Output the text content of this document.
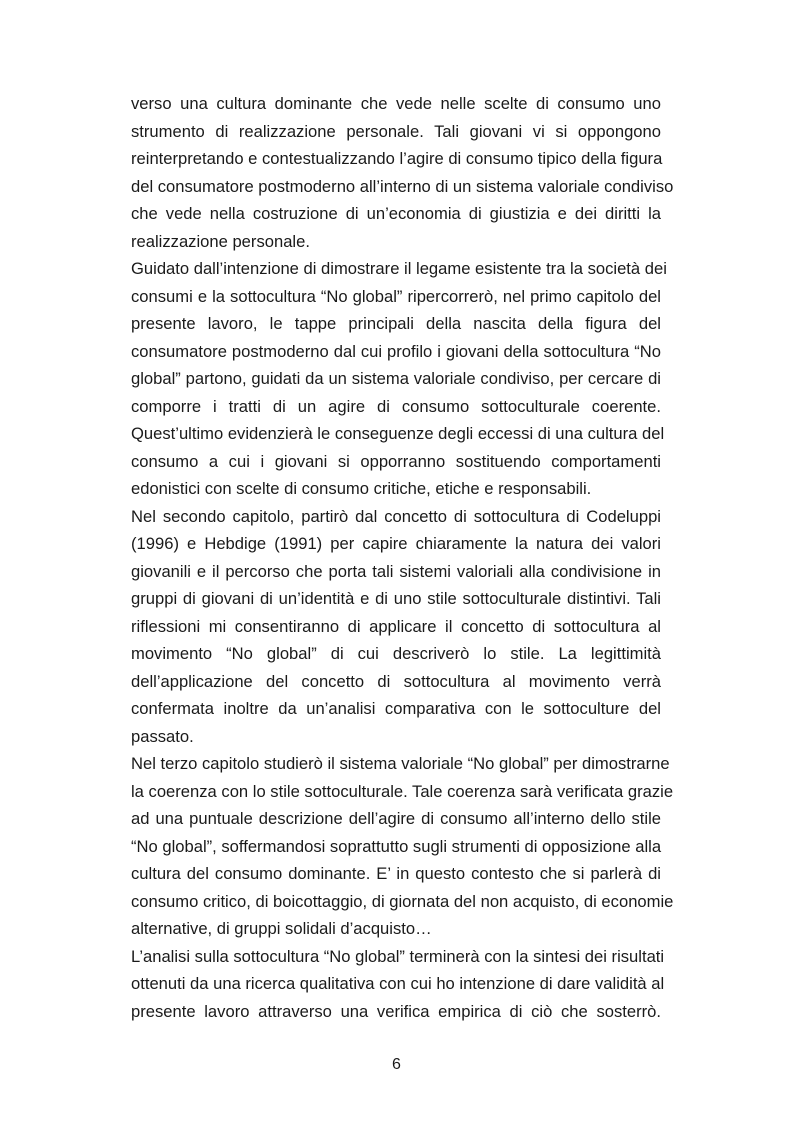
verso una cultura dominante che vede nelle scelte di consumo uno
strumento di realizzazione personale. Tali giovani vi si oppongono
reinterpretando e contestualizzando l’agire di consumo tipico della figura
del consumatore postmoderno all’interno di un sistema valoriale condiviso
che vede nella costruzione di un’economia di giustizia e dei diritti la
realizzazione personale.
Guidato dall’intenzione di dimostrare il legame esistente tra la società dei
consumi e la sottocultura “No global” ripercorrerò, nel primo capitolo del
presente lavoro, le tappe principali della nascita della figura del
consumatore postmoderno dal cui profilo i giovani della sottocultura “No
global” partono, guidati da un sistema valoriale condiviso, per cercare di
comporre i tratti di un agire di consumo sottoculturale coerente.
Quest’ultimo evidenzierà le conseguenze degli eccessi di una cultura del
consumo a cui i giovani si opporranno sostituendo comportamenti
edonistici con scelte di consumo critiche, etiche e responsabili.
Nel secondo capitolo, partirò dal concetto di sottocultura di Codeluppi
(1996) e Hebdige (1991) per capire chiaramente la natura dei valori
giovanili e il percorso che porta tali sistemi valoriali alla condivisione in
gruppi di giovani di un’identità e di uno stile sottoculturale distintivi. Tali
riflessioni mi consentiranno di applicare il concetto di sottocultura al
movimento “No global” di cui descriverò lo stile. La legittimità
dell’applicazione del concetto di sottocultura al movimento verrà
confermata inoltre da un’analisi comparativa con le sottoculture del
passato.
Nel terzo capitolo studierò il sistema valoriale “No global” per dimostrarne
la coerenza con lo stile sottoculturale. Tale coerenza sarà verificata grazie
ad una puntuale descrizione dell’agire di consumo all’interno dello stile
“No global”, soffermandosi soprattutto sugli strumenti di opposizione alla
cultura del consumo dominante. E’ in questo contesto che si parlerà di
consumo critico, di boicottaggio, di giornata del non acquisto, di economie
alternative, di gruppi solidali d’acquisto…
L’analisi sulla sottocultura “No global” terminerà con la sintesi dei risultati
ottenuti da una ricerca qualitativa con cui ho intenzione di dare validità al
presente lavoro attraverso una verifica empirica di ciò che sosterrò.
6
